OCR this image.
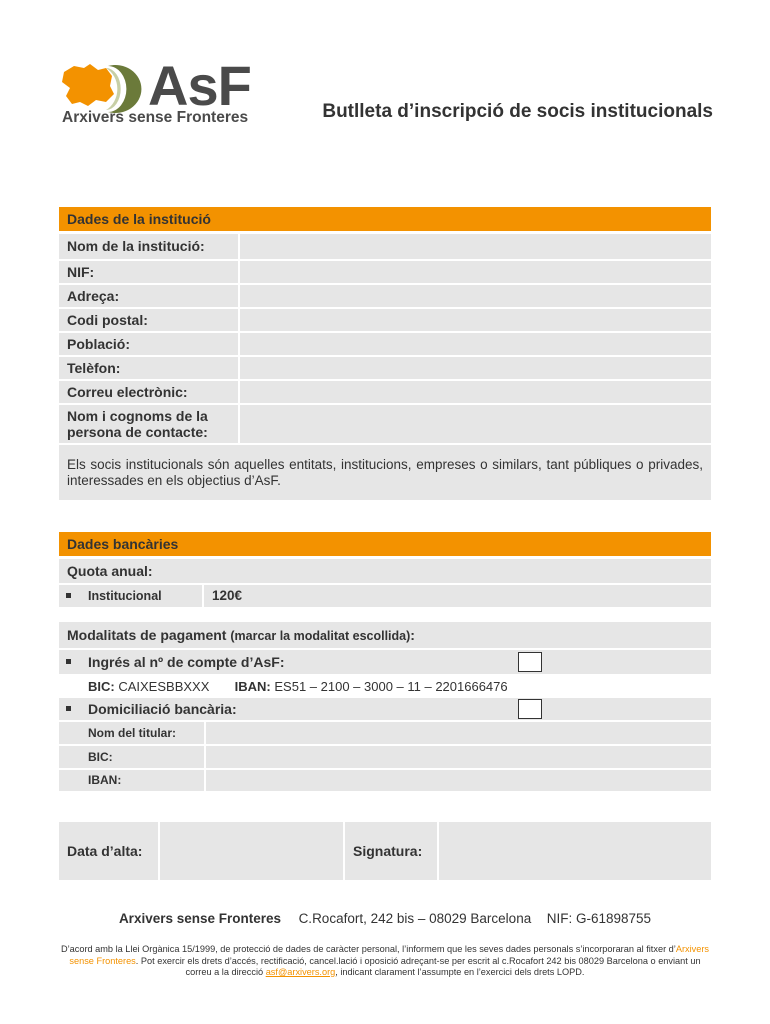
AsF
Arxivers sense Fronteres	Butlleta d’inscripció de socis institucionals
Dades de la institució
Nom de la institució:
NIF:
Adreça:
Codi postal:
Població:
Telèfon:
Correu electrònic:
Nom i cognoms de la
persona de contacte:
Els socis institucionals són aquelles entitats, institucions, empreses o similars, tant públiques o privades, interessades en els objectius d’AsF.
Dades bancàries
Quota anual:
Institucional	120€
Modalitats de pagament (marcar la modalitat escollida):
Ingrés al nº de compte d’AsF:
BIC: CAIXESBBXXX IBAN: ES51 – 2100 – 3000 – 11 – 2201666476
Domiciliació bancària:
Nom del titular:
BIC:
IBAN:
Data d’alta:	Signatura:
Arxivers sense Fronteres C.Rocafort, 242 bis – 08029 Barcelona NIF: G-61898755
D’acord amb la Llei Orgànica 15/1999, de protecció de dades de caràcter personal, l’informem que les seves dades personals s’incorporaran al fitxer d’Arxivers sense Fronteres. Pot exercir els drets d’accés, rectificació, cancel.lació i oposició adreçant-se per escrit al c.Rocafort 242 bis 08029 Barcelona o enviant un correu a la direcció asf@arxivers.org, indicant clarament l’assumpte en l’exercici dels drets LOPD.
